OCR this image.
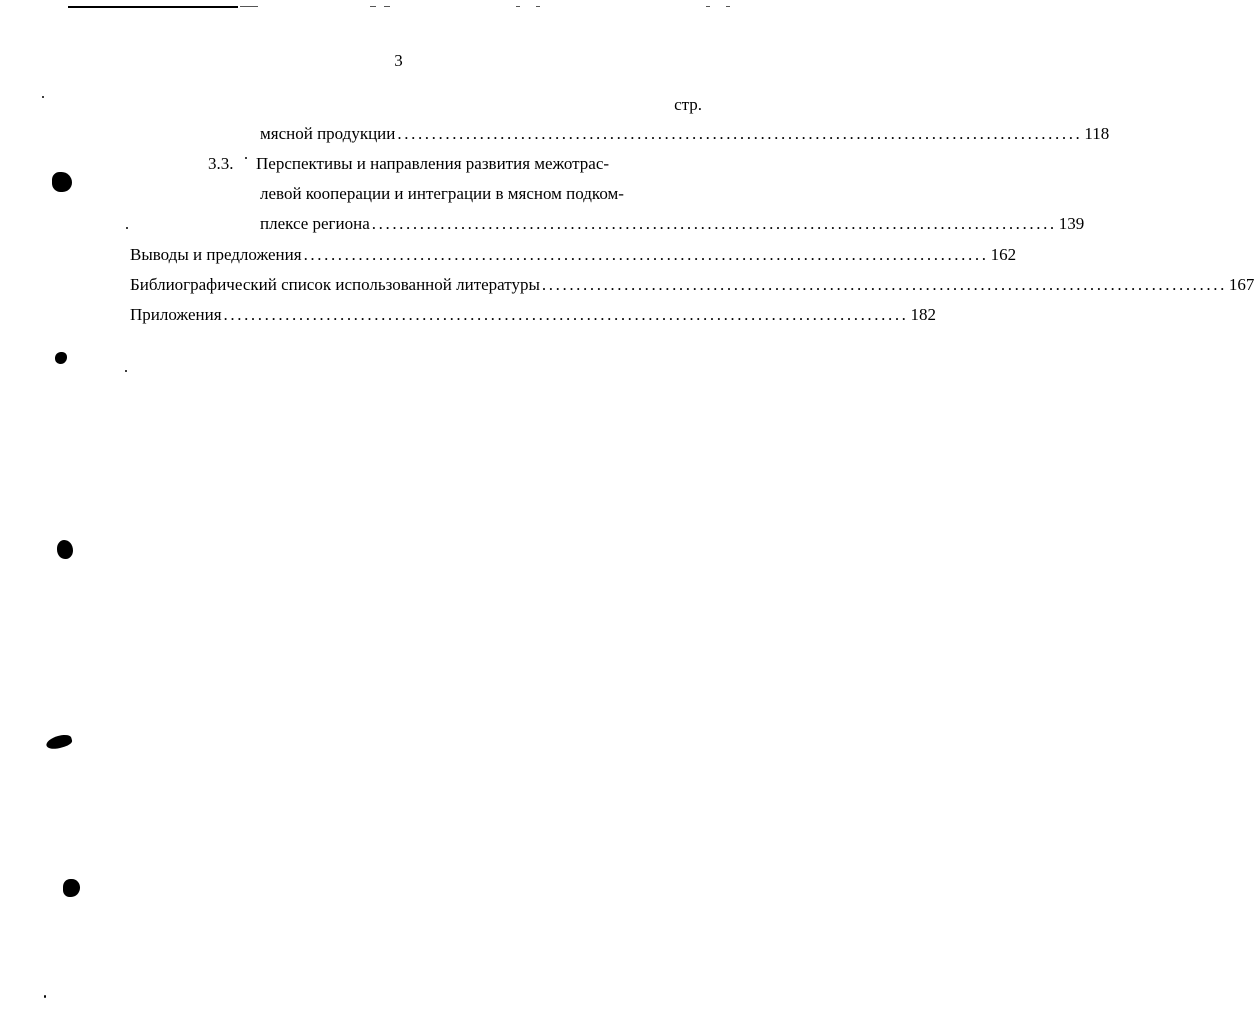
3
стр.
мясной продукции .................................................................................................... 118
3.3. Перспективы и направления развития межотрас-
левой кооперации и интеграции в мясном подком-
плексе региона .................................................................................................... 139
Выводы и предложения .................................................................................................... 162
Библиографический список использованной литературы .................................................................................................... 167
Приложения .................................................................................................... 182
